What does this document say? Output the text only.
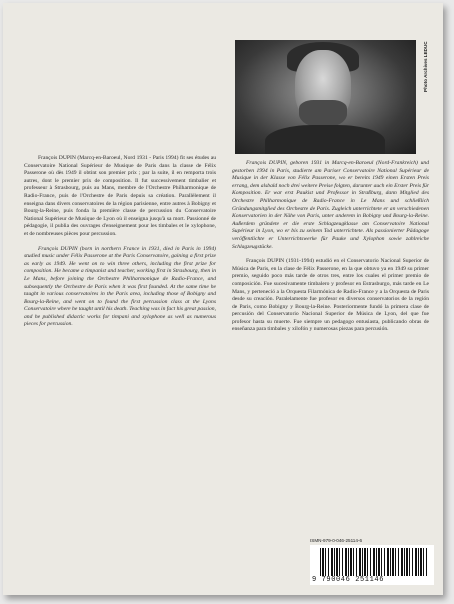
Photo Archives LEDUC

François DUPIN (Marcq-en-Baroeul, Nord 1931 - Paris 1994) fit ses études au Conservatoire National Supérieur de Musique de Paris dans la classe de Félix Passerone où dès 1949 il obtint son premier prix ; par la suite, il en remporta trois autres, dont le premier prix de composition. Il fut successivement timbalier et professeur à Strasbourg, puis au Mans, membre de l'Orchestre Philharmonique de Radio-France, puis de l'Orchestre de Paris depuis sa création. Parallèlement il enseigna dans divers conservatoires de la région parisienne, entre autres à Bobigny et Bourg-la-Reine, puis fonda la première classe de percussion du Conservatoire National Supérieur de Musique de Lyon où il enseigna jusqu'à sa mort. Passionné de pédagogie, il publia des ouvrages d'enseignement pour les timbales et le xylophone, et de nombreuses pièces pour percussion.

François DUPIN (born in northern France in 1931, died in Paris in 1994) studied music under Félix Passerone at the Paris Conservatoire, gaining a first prize as early as 1949. He went on to win three others, including the first prize for composition. He became a timpanist and teacher, working first in Strasbourg, then in Le Mans, before joining the Orchestre Philharmonique de Radio-France, and subsequently the Orchestre de Paris when it was first founded. At the same time he taught in various conservatoires in the Paris area, including those of Bobigny and Bourg-la-Reine, and went on to found the first percussion class at the Lyons Conservatoire where he taught until his death. Teaching was in fact his great passion, and he published didactic works for timpani and xylophone as well as numerous pieces for percussion.

François DUPIN, geboren 1931 in Marcq-en-Baroeul (Nord-Frankreich) und gestorben 1994 in Paris, studierte am Pariser Conservatoire National Supérieur de Musique in der Klasse von Félix Passerone, wo er bereits 1949 einen Ersten Preis errang, dem alsbald noch drei weitere Preise folgten, darunter auch ein Erster Preis für Komposition. Er war erst Paukist und Professor in Straßburg, dann Mitglied des Orchestre Philharmonique de Radio-France in Le Mans und schließlich Gründungsmitglied des Orchestre de Paris. Zugleich unterrichtete er an verschiedenen Konservatorien in der Nähe von Paris, unter anderem in Bobigny und Bourg-la-Reine. Außerdem gründete er die erste Schlagzeugklasse am Conservatoire National Supérieur in Lyon, wo er bis zu seinem Tod unterrichtete. Als passionierter Pädagoge veröffentlichte er Unterrichtswerke für Pauke und Xylophon sowie zahlreiche Schlagzeugstücke.

François DUPIN (1931-1994) estudió en el Conservatorio Nacional Superior de Música de Paris, en la clase de Félix Passerone, en la que obtuvo ya en 1949 su primer premio, seguido poco más tarde de otros tres, entre los cuales el primer premio de composición. Fue sucesivamente timbalero y profesor en Estrasburgo, más tarde en Le Mans, y perteneció a la Orquesta Filarmónica de Radio-France y a la Orquesta de Paris desde su creación. Paralelamente fue profesor en diversos conservatorios de la región de Paris, como Bobigny y Bourg-la-Reine. Posteriormente fundó la primera clase de percusión del Conservatorio Nacional Superior de Música de Lyon, del que fue profesor hasta su muerte. Fue siempre un pedagogo entusiasta, publicando obras de enseñanza para timbales y xilofón y numerosas piezas para percusión.

ISMN-979-0-046-25114-6
9 790046 251146
